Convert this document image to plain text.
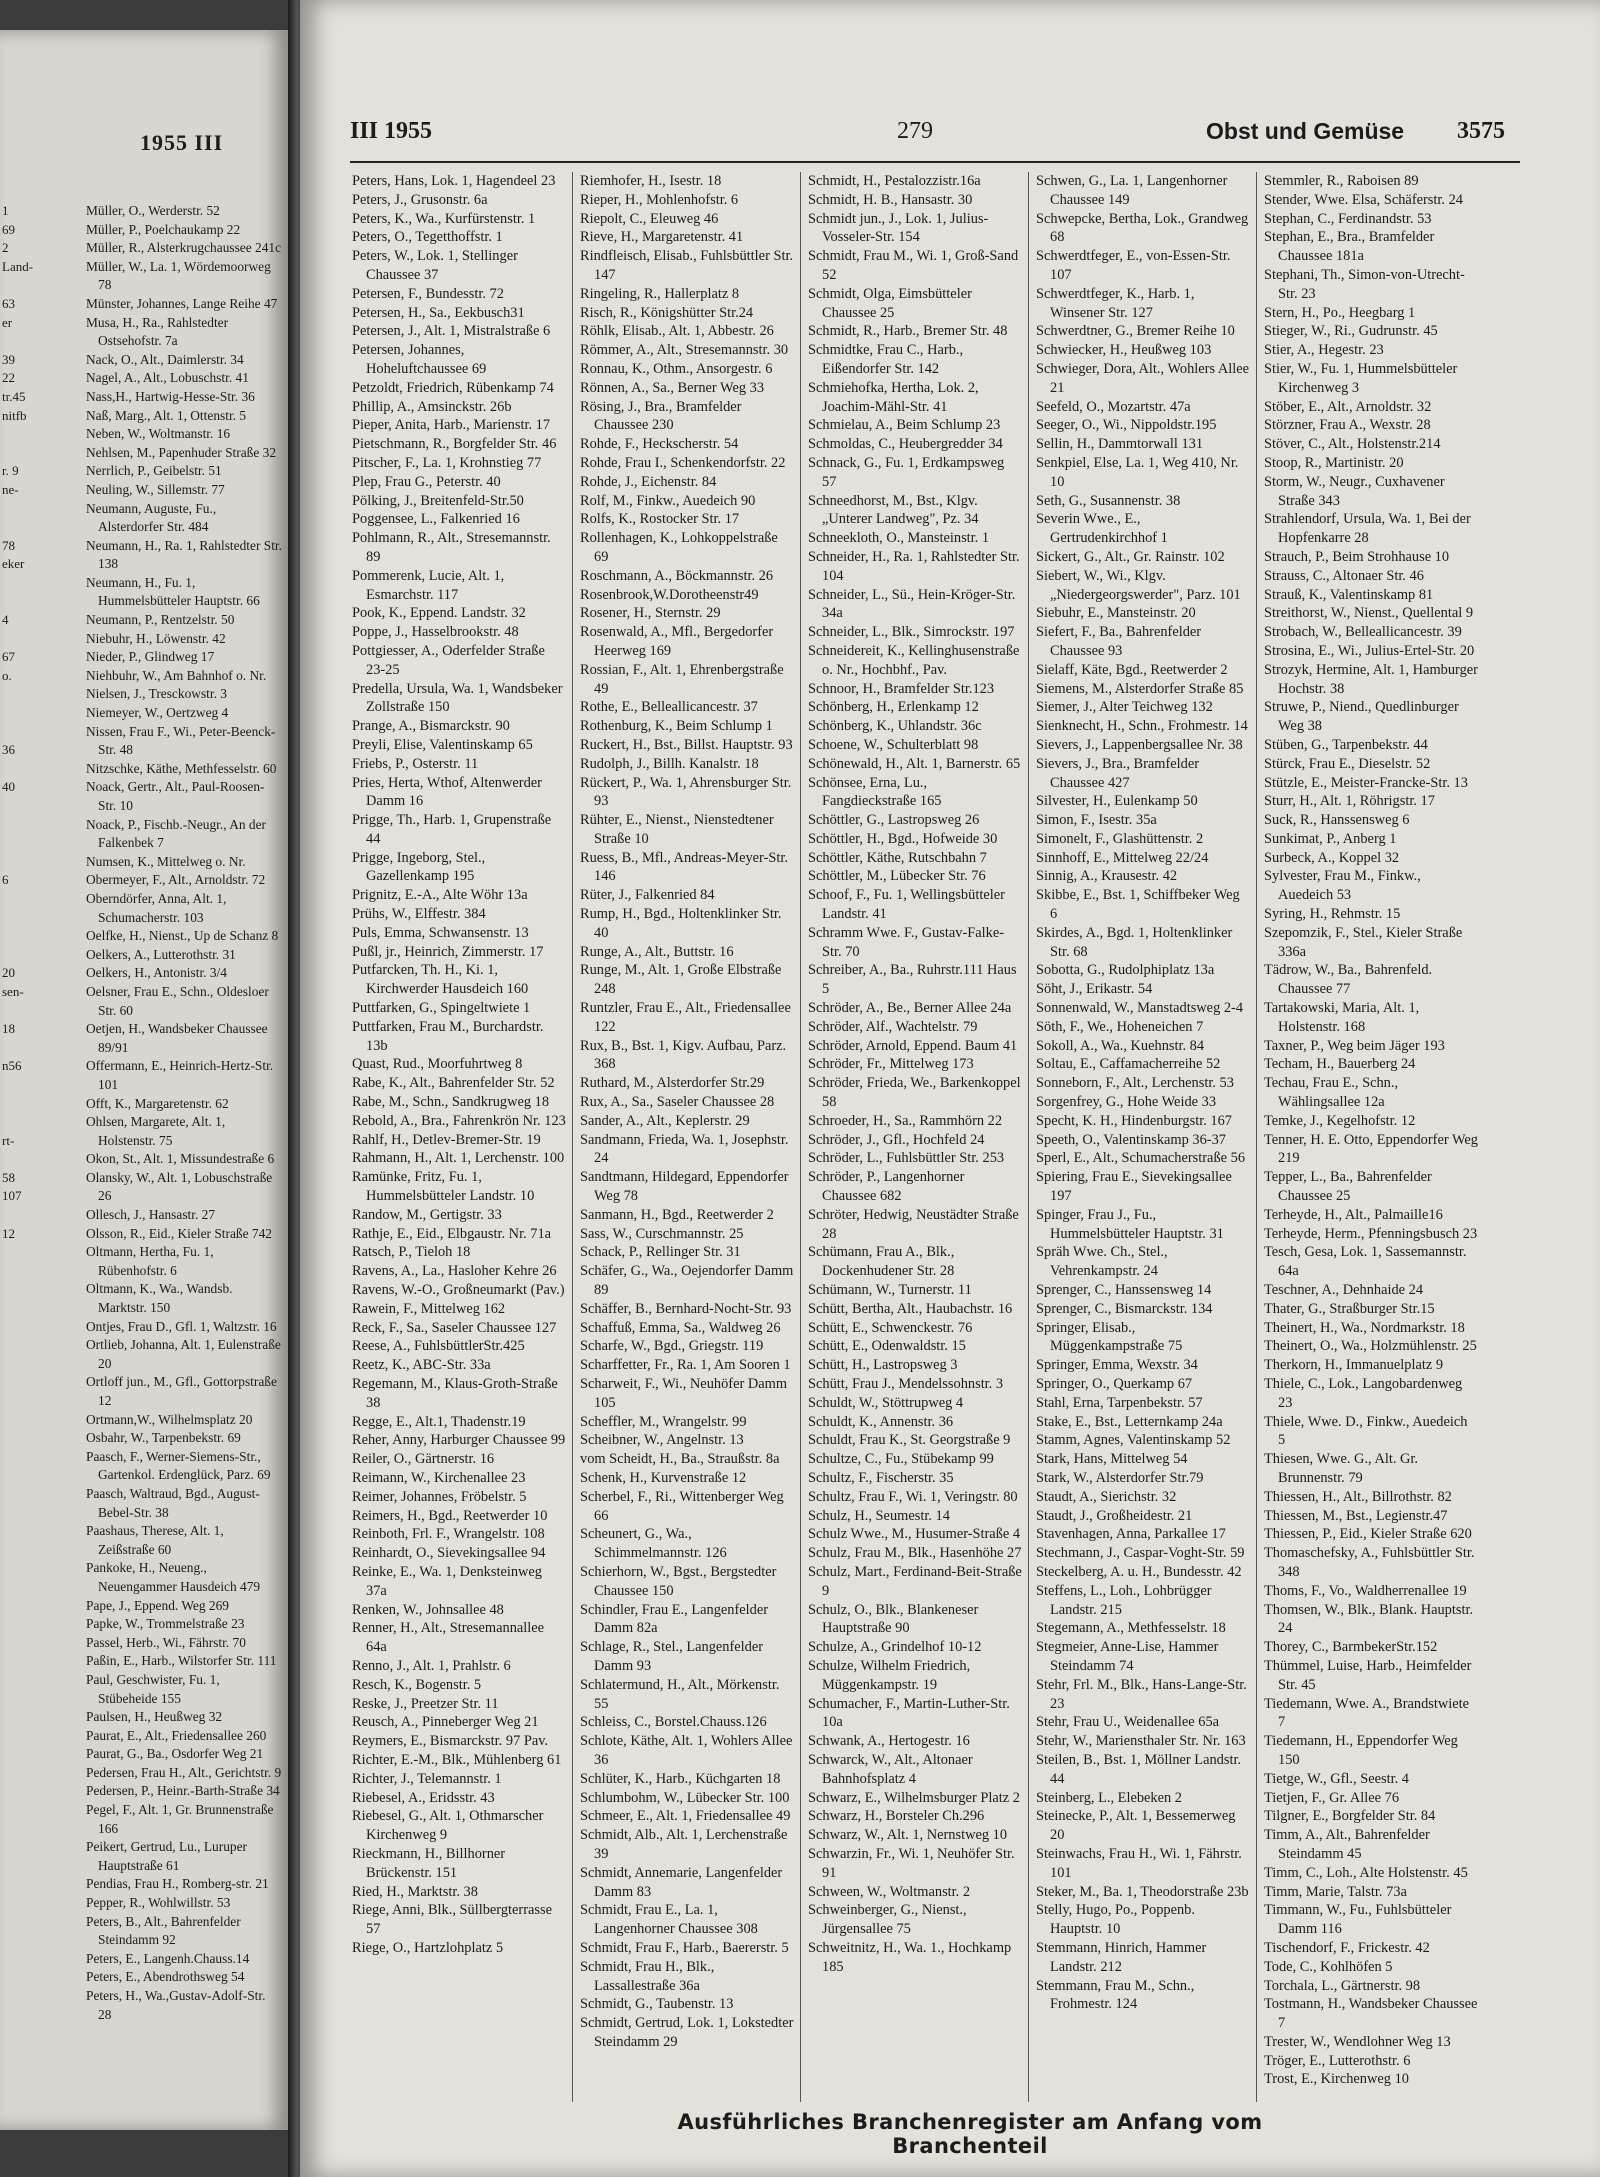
1955 III
1
69
2
Land-

63
er

39
22
tr.45
nitfb

r. 9
ne-

78
eker

4

67
o.

36

40

6

20
sen-

18

n56

rt-

58
107

12

Müller, O., Werderstr. 52

Müller, P., Poelchaukamp 22

Müller, R., Alsterkrugchaussee 241c

Müller, W., La. 1, Wördemoorweg 78

Münster, Johannes, Lange Reihe 47

Musa, H., Ra., Rahlstedter Ostsehofstr. 7a

Nack, O., Alt., Daimlerstr. 34

Nagel, A., Alt., Lobuschstr. 41

Nass,H., Hartwig-Hesse-Str. 36

Naß, Marg., Alt. 1, Ottenstr. 5

Neben, W., Woltmanstr. 16

Nehlsen, M., Papenhuder Straße 32

Nerrlich, P., Geibelstr. 51

Neuling, W., Sillemstr. 77

Neumann, Auguste, Fu., Alsterdorfer Str. 484

Neumann, H., Ra. 1, Rahlstedter Str. 138

Neumann, H., Fu. 1, Hummelsbütteler Hauptstr. 66

Neumann, P., Rentzelstr. 50

Niebuhr, H., Löwenstr. 42

Nieder, P., Glindweg 17

Niehbuhr, W., Am Bahnhof o. Nr.

Nielsen, J., Tresckowstr. 3

Niemeyer, W., Oertzweg 4

Nissen, Frau F., Wi., Peter-Beenck-Str. 48

Nitzschke, Käthe, Methfesselstr. 60

Noack, Gertr., Alt., Paul-Roosen-Str. 10

Noack, P., Fischb.-Neugr., An der Falkenbek 7

Numsen, K., Mittelweg o. Nr.

Obermeyer, F., Alt., Arnoldstr. 72

Oberndörfer, Anna, Alt. 1, Schumacherstr. 103

Oelfke, H., Nienst., Up de Schanz 8

Oelkers, A., Lutterothstr. 31

Oelkers, H., Antonistr. 3/4

Oelsner, Frau E., Schn., Oldesloer Str. 60

Oetjen, H., Wandsbeker Chaussee 89/91

Offermann, E., Heinrich-Hertz-Str. 101

Offt, K., Margaretenstr. 62

Ohlsen, Margarete, Alt. 1, Holstenstr. 75

Okon, St., Alt. 1, Missundestraße 6

Olansky, W., Alt. 1, Lobuschstraße 26

Ollesch, J., Hansastr. 27

Olsson, R., Eid., Kieler Straße 742

Oltmann, Hertha, Fu. 1, Rübenhofstr. 6

Oltmann, K., Wa., Wandsb. Marktstr. 150

Ontjes, Frau D., Gfl. 1, Waltzstr. 16

Ortlieb, Johanna, Alt. 1, Eulenstraße 20

Ortloff jun., M., Gfl., Gottorpstraße 12

Ortmann,W., Wilhelmsplatz 20

Osbahr, W., Tarpenbekstr. 69

Paasch, F., Werner-Siemens-Str., Gartenkol. Erdenglück, Parz. 69

Paasch, Waltraud, Bgd., August-Bebel-Str. 38

Paashaus, Therese, Alt. 1, Zeißstraße 60

Pankoke, H., Neueng., Neuengammer Hausdeich 479

Pape, J., Eppend. Weg 269

Papke, W., Trommelstraße 23

Passel, Herb., Wi., Fährstr. 70

Paßin, E., Harb., Wilstorfer Str. 111

Paul, Geschwister, Fu. 1, Stübeheide 155

Paulsen, H., Heußweg 32

Paurat, E., Alt., Friedensallee 260

Paurat, G., Ba., Osdorfer Weg 21

Pedersen, Frau H., Alt., Gerichtstr. 9

Pedersen, P., Heinr.-Barth-Straße 34

Pegel, F., Alt. 1, Gr. Brunnenstraße 166

Peikert, Gertrud, Lu., Luruper Hauptstraße 61

Pendias, Frau H., Romberg-str. 21

Pepper, R., Wohlwillstr. 53

Peters, B., Alt., Bahrenfelder Steindamm 92

Peters, E., Langenh.Chauss.14

Peters, E., Abendrothsweg 54

Peters, H., Wa.,Gustav-Adolf-Str. 28

III 1955	279	Obst und Gemüse 3575

Peters, Hans, Lok. 1, Hagendeel 23

Peters, J., Grusonstr. 6a

Peters, K., Wa., Kurfürstenstr. 1

Peters, O., Tegetthoffstr. 1

Peters, W., Lok. 1, Stellinger Chaussee 37

Petersen, F., Bundesstr. 72

Petersen, H., Sa., Eekbusch31

Petersen, J., Alt. 1, Mistralstraße 6

Petersen, Johannes, Hoheluftchaussee 69

Petzoldt, Friedrich, Rübenkamp 74

Phillip, A., Amsinckstr. 26b

Pieper, Anita, Harb., Marienstr. 17

Pietschmann, R., Borgfelder Str. 46

Pitscher, F., La. 1, Krohnstieg 77

Plep, Frau G., Peterstr. 40

Pölking, J., Breitenfeld-Str.50

Poggensee, L., Falkenried 16

Pohlmann, R., Alt., Stresemannstr. 89

Pommerenk, Lucie, Alt. 1, Esmarchstr. 117

Pook, K., Eppend. Landstr. 32

Poppe, J., Hasselbrookstr. 48

Pottgiesser, A., Oderfelder Straße 23-25

Predella, Ursula, Wa. 1, Wandsbeker Zollstraße 150

Prange, A., Bismarckstr. 90

Preyli, Elise, Valentinskamp 65

Friebs, P., Osterstr. 11

Pries, Herta, Wthof, Altenwerder Damm 16

Prigge, Th., Harb. 1, Grupenstraße 44

Prigge, Ingeborg, Stel., Gazellenkamp 195

Prignitz, E.-A., Alte Wöhr 13a

Prühs, W., Elffestr. 384

Puls, Emma, Schwansenstr. 13

Pußl, jr., Heinrich, Zimmerstr. 17

Putfarcken, Th. H., Ki. 1, Kirchwerder Hausdeich 160

Puttfarken, G., Spingeltwiete 1

Puttfarken, Frau M., Burchardstr. 13b

Quast, Rud., Moorfuhrtweg 8

Rabe, K., Alt., Bahrenfelder Str. 52

Rabe, M., Schn., Sandkrugweg 18

Rebold, A., Bra., Fahrenkrön Nr. 123

Rahlf, H., Detlev-Bremer-Str. 19

Rahmann, H., Alt. 1, Lerchenstr. 100

Ramünke, Fritz, Fu. 1, Hummelsbütteler Landstr. 10

Randow, M., Gertigstr. 33

Rathje, E., Eid., Elbgaustr. Nr. 71a

Ratsch, P., Tieloh 18

Ravens, A., La., Hasloher Kehre 26

Ravens, W.-O., Großneumarkt (Pav.)

Rawein, F., Mittelweg 162

Reck, F., Sa., Saseler Chaussee 127

Reese, A., FuhlsbüttlerStr.425

Reetz, K., ABC-Str. 33a

Regemann, M., Klaus-Groth-Straße 38

Regge, E., Alt.1, Thadenstr.19

Reher, Anny, Harburger Chaussee 99

Reiler, O., Gärtnerstr. 16

Reimann, W., Kirchenallee 23

Reimer, Johannes, Fröbelstr. 5

Reimers, H., Bgd., Reetwerder 10

Reinboth, Frl. F., Wrangelstr. 108

Reinhardt, O., Sievekingsallee 94

Reinke, E., Wa. 1, Denksteinweg 37a

Renken, W., Johnsallee 48

Renner, H., Alt., Stresemannallee 64a

Renno, J., Alt. 1, Prahlstr. 6

Resch, K., Bogenstr. 5

Reske, J., Preetzer Str. 11

Reusch, A., Pinneberger Weg 21

Reymers, E., Bismarckstr. 97 Pav.

Richter, E.-M., Blk., Mühlenberg 61

Richter, J., Telemannstr. 1

Riebesel, A., Eridsstr. 43

Riebesel, G., Alt. 1, Othmarscher Kirchenweg 9

Rieckmann, H., Billhorner Brückenstr. 151

Ried, H., Marktstr. 38

Riege, Anni, Blk., Süllbergterrasse 57

Riege, O., Hartzlohplatz 5

Riemhofer, H., Isestr. 18

Rieper, H., Mohlenhofstr. 6

Riepolt, C., Eleuweg 46

Rieve, H., Margaretenstr. 41

Rindfleisch, Elisab., Fuhlsbüttler Str. 147

Ringeling, R., Hallerplatz 8

Risch, R., Königshütter Str.24

Röhlk, Elisab., Alt. 1, Abbestr. 26

Römmer, A., Alt., Stresemannstr. 30

Ronnau, K., Othm., Ansorgestr. 6

Rönnen, A., Sa., Berner Weg 33

Rösing, J., Bra., Bramfelder Chaussee 230

Rohde, F., Heckscherstr. 54

Rohde, Frau I., Schenkendorfstr. 22

Rohde, J., Eichenstr. 84

Rolf, M., Finkw., Auedeich 90

Rolfs, K., Rostocker Str. 17

Rollenhagen, K., Lohkoppelstraße 69

Roschmann, A., Böckmannstr. 26

Rosenbrook,W.Dorotheenstr49

Rosener, H., Sternstr. 29

Rosenwald, A., Mfl., Bergedorfer Heerweg 169

Rossian, F., Alt. 1, Ehrenbergstraße 49

Rothe, E., Belleallicancestr. 37

Rothenburg, K., Beim Schlump 1

Ruckert, H., Bst., Billst. Hauptstr. 93

Rudolph, J., Billh. Kanalstr. 18

Rückert, P., Wa. 1, Ahrensburger Str. 93

Rühter, E., Nienst., Nienstedtener Straße 10

Ruess, B., Mfl., Andreas-Meyer-Str. 146

Rüter, J., Falkenried 84

Rump, H., Bgd., Holtenklinker Str. 40

Runge, A., Alt., Buttstr. 16

Runge, M., Alt. 1, Große Elbstraße 248

Runtzler, Frau E., Alt., Friedensallee 122

Rux, B., Bst. 1, Kigv. Aufbau, Parz. 368

Ruthard, M., Alsterdorfer Str.29

Rux, A., Sa., Saseler Chaussee 28

Sander, A., Alt., Keplerstr. 29

Sandmann, Frieda, Wa. 1, Josephstr. 24

Sandtmann, Hildegard, Eppendorfer Weg 78

Sanmann, H., Bgd., Reetwerder 2

Sass, W., Curschmannstr. 25

Schack, P., Rellinger Str. 31

Schäfer, G., Wa., Oejendorfer Damm 89

Schäffer, B., Bernhard-Nocht-Str. 93

Schaffuß, Emma, Sa., Waldweg 26

Scharfe, W., Bgd., Griegstr. 119

Scharffetter, Fr., Ra. 1, Am Sooren 1

Scharweit, F., Wi., Neuhöfer Damm 105

Scheffler, M., Wrangelstr. 99

Scheibner, W., Angelnstr. 13

vom Scheidt, H., Ba., Straußstr. 8a

Schenk, H., Kurvenstraße 12

Scherbel, F., Ri., Wittenberger Weg 66

Scheunert, G., Wa., Schimmelmannstr. 126

Schierhorn, W., Bgst., Bergstedter Chaussee 150

Schindler, Frau E., Langenfelder Damm 82a

Schlage, R., Stel., Langenfelder Damm 93

Schlatermund, H., Alt., Mörkenstr. 55

Schleiss, C., Borstel.Chauss.126

Schlote, Käthe, Alt. 1, Wohlers Allee 36

Schlüter, K., Harb., Küchgarten 18

Schlumbohm, W., Lübecker Str. 100

Schmeer, E., Alt. 1, Friedensallee 49

Schmidt, Alb., Alt. 1, Lerchenstraße 39

Schmidt, Annemarie, Langenfelder Damm 83

Schmidt, Frau E., La. 1, Langenhorner Chaussee 308

Schmidt, Frau F., Harb., Baererstr. 5

Schmidt, Frau H., Blk., Lassallestraße 36a

Schmidt, G., Taubenstr. 13

Schmidt, Gertrud, Lok. 1, Lokstedter Steindamm 29

Schmidt, H., Pestalozzistr.16a

Schmidt, H. B., Hansastr. 30

Schmidt jun., J., Lok. 1, Julius-Vosseler-Str. 154

Schmidt, Frau M., Wi. 1, Groß-Sand 52

Schmidt, Olga, Eimsbütteler Chaussee 25

Schmidt, R., Harb., Bremer Str. 48

Schmidtke, Frau C., Harb., Eißendorfer Str. 142

Schmiehofka, Hertha, Lok. 2, Joachim-Mähl-Str. 41

Schmielau, A., Beim Schlump 23

Schmoldas, C., Heubergredder 34

Schnack, G., Fu. 1, Erdkampsweg 57

Schneedhorst, M., Bst., Klgv. „Unterer Landweg", Pz. 34

Schneekloth, O., Mansteinstr. 1

Schneider, H., Ra. 1, Rahlstedter Str. 104

Schneider, L., Sü., Hein-Kröger-Str. 34a

Schneider, L., Blk., Simrockstr. 197

Schneidereit, K., Kellinghusenstraße o. Nr., Hochbhf., Pav.

Schnoor, H., Bramfelder Str.123

Schönberg, H., Erlenkamp 12

Schönberg, K., Uhlandstr. 36c

Schoene, W., Schulterblatt 98

Schönewald, H., Alt. 1, Barnerstr. 65

Schönsee, Erna, Lu., Fangdieckstraße 165

Schöttler, G., Lastropsweg 26

Schöttler, H., Bgd., Hofweide 30

Schöttler, Käthe, Rutschbahn 7

Schöttler, M., Lübecker Str. 76

Schoof, F., Fu. 1, Wellingsbütteler Landstr. 41

Schramm Wwe. F., Gustav-Falke-Str. 70

Schreiber, A., Ba., Ruhrstr.111 Haus 5

Schröder, A., Be., Berner Allee 24a

Schröder, Alf., Wachtelstr. 79

Schröder, Arnold, Eppend. Baum 41

Schröder, Fr., Mittelweg 173

Schröder, Frieda, We., Barkenkoppel 58

Schroeder, H., Sa., Rammhörn 22

Schröder, J., Gfl., Hochfeld 24

Schröder, L., Fuhlsbüttler Str. 253

Schröder, P., Langenhorner Chaussee 682

Schröter, Hedwig, Neustädter Straße 28

Schümann, Frau A., Blk., Dockenhudener Str. 28

Schümann, W., Turnerstr. 11

Schütt, Bertha, Alt., Haubachstr. 16

Schütt, E., Schwenckestr. 76

Schütt, E., Odenwaldstr. 15

Schütt, H., Lastropsweg 3

Schütt, Frau J., Mendelssohnstr. 3

Schuldt, W., Stöttrupweg 4

Schuldt, K., Annenstr. 36

Schuldt, Frau K., St. Georgstraße 9

Schultze, C., Fu., Stübekamp 99

Schultz, F., Fischerstr. 35

Schultz, Frau F., Wi. 1, Veringstr. 80

Schulz, H., Seumestr. 14

Schulz Wwe., M., Husumer-Straße 4

Schulz, Frau M., Blk., Hasenhöhe 27

Schulz, Mart., Ferdinand-Beit-Straße 9

Schulz, O., Blk., Blankeneser Hauptstraße 90

Schulze, A., Grindelhof 10-12

Schulze, Wilhelm Friedrich, Müggenkampstr. 19

Schumacher, F., Martin-Luther-Str. 10a

Schwank, A., Hertogestr. 16

Schwarck, W., Alt., Altonaer Bahnhofsplatz 4

Schwarz, E., Wilhelmsburger Platz 2

Schwarz, H., Borsteler Ch.296

Schwarz, W., Alt. 1, Nernstweg 10

Schwarzin, Fr., Wi. 1, Neuhöfer Str. 91

Schween, W., Woltmanstr. 2

Schweinberger, G., Nienst., Jürgensallee 75

Schweitnitz, H., Wa. 1., Hochkamp 185

Schwen, G., La. 1, Langenhorner Chaussee 149

Schwepcke, Bertha, Lok., Grandweg 68

Schwerdtfeger, E., von-Essen-Str. 107

Schwerdtfeger, K., Harb. 1, Winsener Str. 127

Schwerdtner, G., Bremer Reihe 10

Schwiecker, H., Heußweg 103

Schwieger, Dora, Alt., Wohlers Allee 21

Seefeld, O., Mozartstr. 47a

Seeger, O., Wi., Nippoldstr.195

Sellin, H., Dammtorwall 131

Senkpiel, Else, La. 1, Weg 410, Nr. 10

Seth, G., Susannenstr. 38

Severin Wwe., E., Gertrudenkirchhof 1

Sickert, G., Alt., Gr. Rainstr. 102

Siebert, W., Wi., Klgv. „Niedergeorgswerder", Parz. 101

Siebuhr, E., Mansteinstr. 20

Siefert, F., Ba., Bahrenfelder Chaussee 93

Sielaff, Käte, Bgd., Reetwerder 2

Siemens, M., Alsterdorfer Straße 85

Siemer, J., Alter Teichweg 132

Sienknecht, H., Schn., Frohmestr. 14

Sievers, J., Lappenbergsallee Nr. 38

Sievers, J., Bra., Bramfelder Chaussee 427

Silvester, H., Eulenkamp 50

Simon, F., Isestr. 35a

Simonelt, F., Glashüttenstr. 2

Sinnhoff, E., Mittelweg 22/24

Sinnig, A., Krausestr. 42

Skibbe, E., Bst. 1, Schiffbeker Weg 6

Skirdes, A., Bgd. 1, Holtenklinker Str. 68

Sobotta, G., Rudolphiplatz 13a

Söht, J., Erikastr. 54

Sonnenwald, W., Manstadtsweg 2-4

Söth, F., We., Hoheneichen 7

Sokoll, A., Wa., Kuehnstr. 84

Soltau, E., Caffamacherreihe 52

Sonneborn, F., Alt., Lerchenstr. 53

Sorgenfrey, G., Hohe Weide 33

Specht, K. H., Hindenburgstr. 167

Speeth, O., Valentinskamp 36-37

Sperl, E., Alt., Schumacherstraße 56

Spiering, Frau E., Sievekingsallee 197

Spinger, Frau J., Fu., Hummelsbütteler Hauptstr. 31

Spräh Wwe. Ch., Stel., Vehrenkampstr. 24

Sprenger, C., Hanssensweg 14

Sprenger, C., Bismarckstr. 134

Springer, Elisab., Müggenkampstraße 75

Springer, Emma, Wexstr. 34

Springer, O., Querkamp 67

Stahl, Erna, Tarpenbekstr. 57

Stake, E., Bst., Letternkamp 24a

Stamm, Agnes, Valentinskamp 52

Stark, Hans, Mittelweg 54

Stark, W., Alsterdorfer Str.79

Staudt, A., Sierichstr. 32

Staudt, J., Großheidestr. 21

Stavenhagen, Anna, Parkallee 17

Stechmann, J., Caspar-Voght-Str. 59

Steckelberg, A. u. H., Bundesstr. 42

Steffens, L., Loh., Lohbrügger Landstr. 215

Stegemann, A., Methfesselstr. 18

Stegmeier, Anne-Lise, Hammer Steindamm 74

Stehr, Frl. M., Blk., Hans-Lange-Str. 23

Stehr, Frau U., Weidenallee 65a

Stehr, W., Mariensthaler Str. Nr. 163

Steilen, B., Bst. 1, Möllner Landstr. 44

Steinberg, L., Elebeken 2

Steinecke, P., Alt. 1, Bessemerweg 20

Steinwachs, Frau H., Wi. 1, Fährstr. 101

Steker, M., Ba. 1, Theodorstraße 23b

Stelly, Hugo, Po., Poppenb. Hauptstr. 10

Stemmann, Hinrich, Hammer Landstr. 212

Stemmann, Frau M., Schn., Frohmestr. 124

Stemmler, R., Raboisen 89

Stender, Wwe. Elsa, Schäferstr. 24

Stephan, C., Ferdinandstr. 53

Stephan, E., Bra., Bramfelder Chaussee 181a

Stephani, Th., Simon-von-Utrecht-Str. 23

Stern, H., Po., Heegbarg 1

Stieger, W., Ri., Gudrunstr. 45

Stier, A., Hegestr. 23

Stier, W., Fu. 1, Hummelsbütteler Kirchenweg 3

Stöber, E., Alt., Arnoldstr. 32

Störzner, Frau A., Wexstr. 28

Stöver, C., Alt., Holstenstr.214

Stoop, R., Martinistr. 20

Storm, W., Neugr., Cuxhavener Straße 343

Strahlendorf, Ursula, Wa. 1, Bei der Hopfenkarre 28

Strauch, P., Beim Strohhause 10

Strauss, C., Altonaer Str. 46

Strauß, K., Valentinskamp 81

Streithorst, W., Nienst., Quellental 9

Strobach, W., Belleallicancestr. 39

Strosina, E., Wi., Julius-Ertel-Str. 20

Strozyk, Hermine, Alt. 1, Hamburger Hochstr. 38

Struwe, P., Niend., Quedlinburger Weg 38

Stüben, G., Tarpenbekstr. 44

Stürck, Frau E., Dieselstr. 52

Stützle, E., Meister-Francke-Str. 13

Sturr, H., Alt. 1, Röhrigstr. 17

Suck, R., Hanssensweg 6

Sunkimat, P., Anberg 1

Surbeck, A., Koppel 32

Sylvester, Frau M., Finkw., Auedeich 53

Syring, H., Rehmstr. 15

Szepomzik, F., Stel., Kieler Straße 336a

Tädrow, W., Ba., Bahrenfeld. Chaussee 77

Tartakowski, Maria, Alt. 1, Holstenstr. 168

Taxner, P., Weg beim Jäger 193

Techam, H., Bauerberg 24

Techau, Frau E., Schn., Wählingsallee 12a

Temke, J., Kegelhofstr. 12

Tenner, H. E. Otto, Eppendorfer Weg 219

Tepper, L., Ba., Bahrenfelder Chaussee 25

Terheyde, H., Alt., Palmaille16

Terheyde, Herm., Pfenningsbusch 23

Tesch, Gesa, Lok. 1, Sassemannstr. 64a

Teschner, A., Dehnhaide 24

Thater, G., Straßburger Str.15

Theinert, H., Wa., Nordmarkstr. 18

Theinert, O., Wa., Holzmühlenstr. 25

Therkorn, H., Immanuelplatz 9

Thiele, C., Lok., Langobardenweg 23

Thiele, Wwe. D., Finkw., Auedeich 5

Thiesen, Wwe. G., Alt. Gr. Brunnenstr. 79

Thiessen, H., Alt., Billrothstr. 82

Thiessen, M., Bst., Legienstr.47

Thiessen, P., Eid., Kieler Straße 620

Thomaschefsky, A., Fuhlsbüttler Str. 348

Thoms, F., Vo., Waldherrenallee 19

Thomsen, W., Blk., Blank. Hauptstr. 24

Thorey, C., BarmbekerStr.152

Thümmel, Luise, Harb., Heimfelder Str. 45

Tiedemann, Wwe. A., Brandstwiete 7

Tiedemann, H., Eppendorfer Weg 150

Tietge, W., Gfl., Seestr. 4

Tietjen, F., Gr. Allee 76

Tilgner, E., Borgfelder Str. 84

Timm, A., Alt., Bahrenfelder Steindamm 45

Timm, C., Loh., Alte Holstenstr. 45

Timm, Marie, Talstr. 73a

Timmann, W., Fu., Fuhlsbütteler Damm 116

Tischendorf, F., Frickestr. 42

Tode, C., Kohlhöfen 5

Torchala, L., Gärtnerstr. 98

Tostmann, H., Wandsbeker Chaussee 7

Trester, W., Wendlohner Weg 13

Tröger, E., Lutterothstr. 6

Trost, E., Kirchenweg 10

Ausführliches Branchenregister am Anfang vom Branchenteil
